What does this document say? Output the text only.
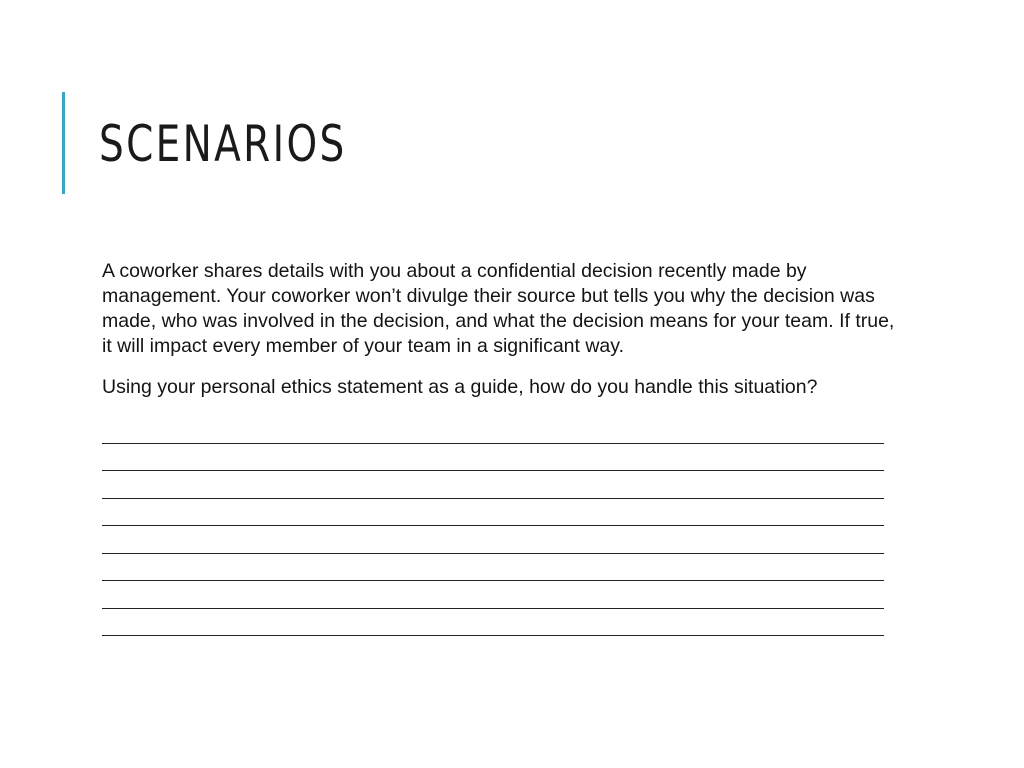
SCENARIOS

A coworker shares details with you about a confidential decision recently made by management. Your coworker won’t divulge their source but tells you why the decision was made, who was involved in the decision, and what the decision means for your team. If true, it will impact every member of your team in a significant way.

Using your personal ethics statement as a guide, how do you handle this situation?
